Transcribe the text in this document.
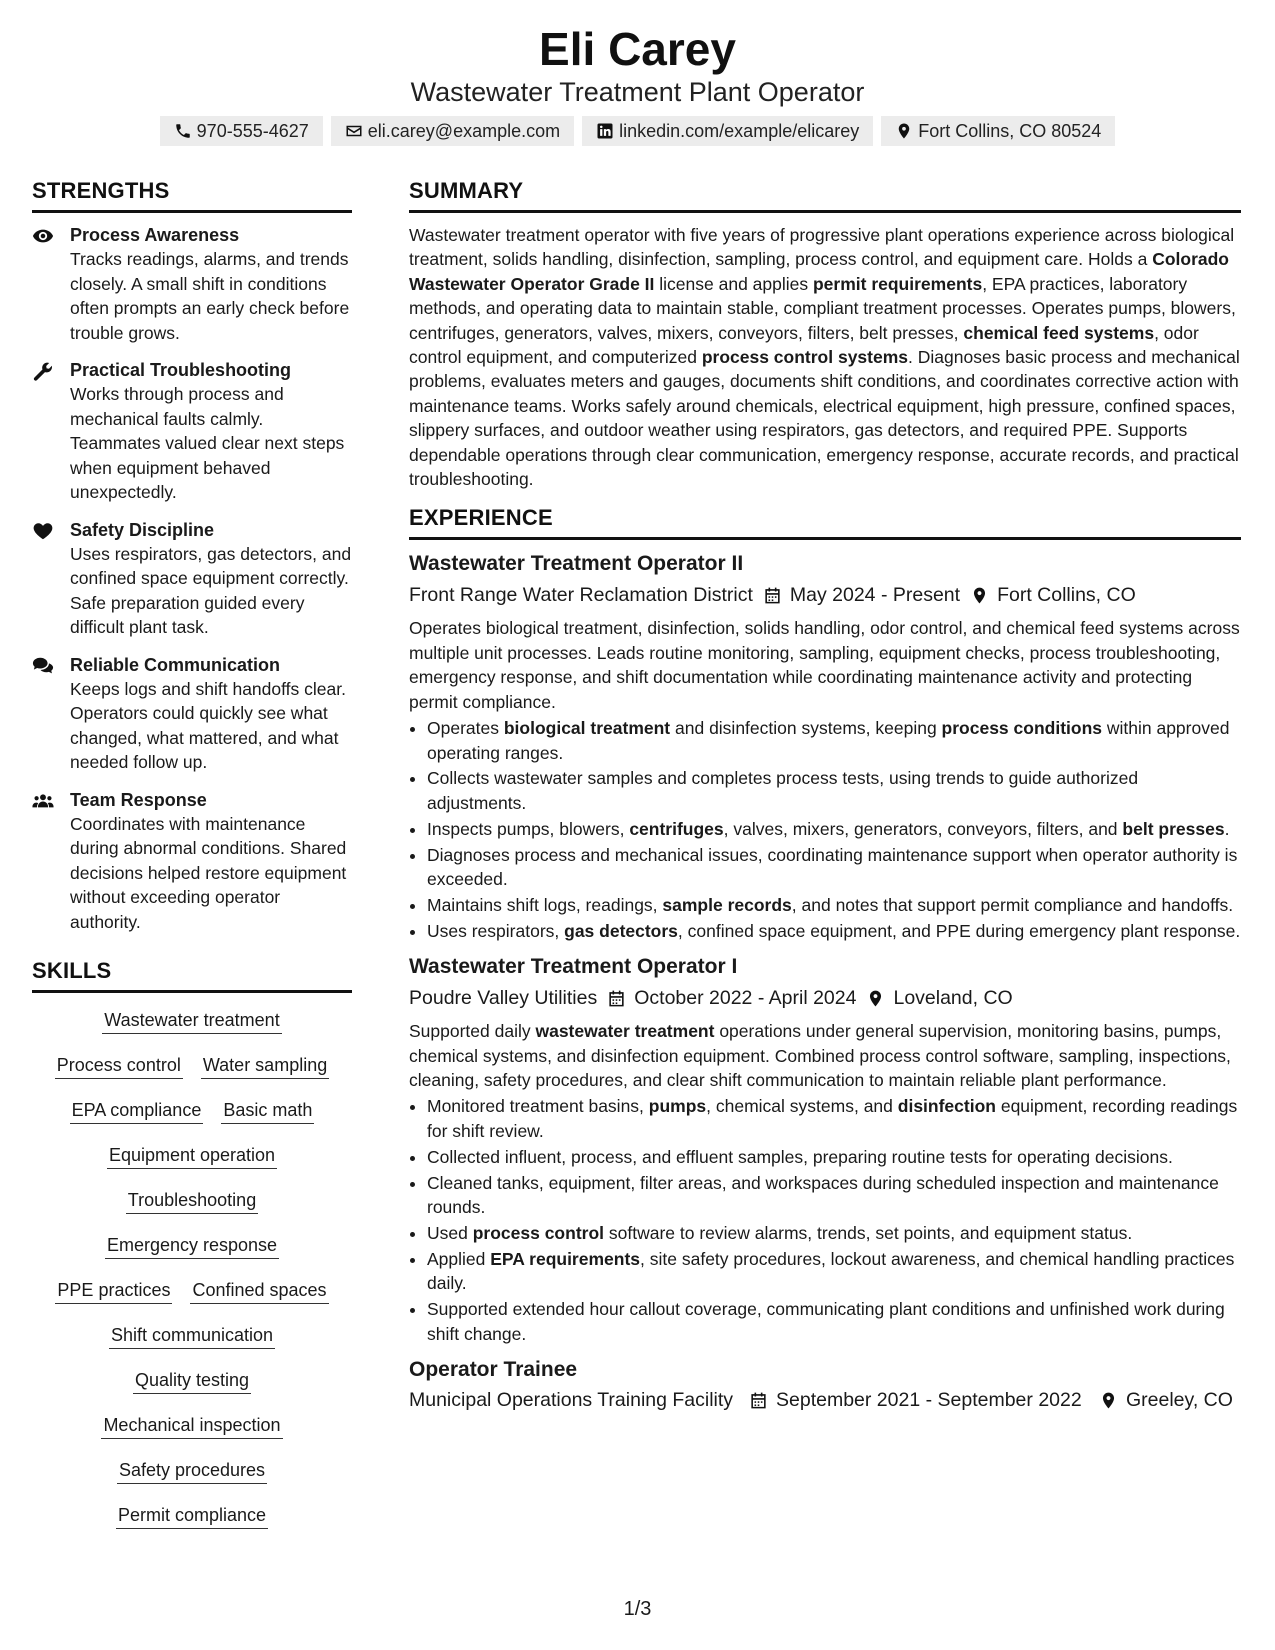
Eli Carey

Wastewater Treatment Plant Operator

970-555-4627	eli.carey@example.com	linkedin.com/example/elicarey	Fort Collins, CO 80524
STRENGTHS

Process Awareness

Tracks readings, alarms, and trends closely. A small shift in conditions often prompts an early check before trouble grows.

Practical Troubleshooting

Works through process and mechanical faults calmly. Teammates valued clear next steps when equipment behaved unexpectedly.

Safety Discipline

Uses respirators, gas detectors, and confined space equipment correctly. Safe preparation guided every difficult plant task.

Reliable Communication

Keeps logs and shift handoffs clear. Operators could quickly see what changed, what mattered, and what needed follow up.

Team Response

Coordinates with maintenance during abnormal conditions. Shared decisions helped restore equipment without exceeding operator authority.

SKILLS
Wastewater treatment
Process control Water sampling
EPA compliance Basic math
Equipment operation
Troubleshooting
Emergency response
PPE practices Confined spaces
Shift communication
Quality testing
Mechanical inspection
Safety procedures
Permit compliance
SUMMARY

Wastewater treatment operator with five years of progressive plant operations experience across biological treatment, solids handling, disinfection, sampling, process control, and equipment care. Holds a Colorado Wastewater Operator Grade II license and applies permit requirements, EPA practices, laboratory methods, and operating data to maintain stable, compliant treatment processes. Operates pumps, blowers, centrifuges, generators, valves, mixers, conveyors, filters, belt presses, chemical feed systems, odor control equipment, and computerized process control systems. Diagnoses basic process and mechanical problems, evaluates meters and gauges, documents shift conditions, and coordinates corrective action with maintenance teams. Works safely around chemicals, electrical equipment, high pressure, confined spaces, slippery surfaces, and outdoor weather using respirators, gas detectors, and required PPE. Supports dependable operations through clear communication, emergency response, accurate records, and practical troubleshooting.

EXPERIENCE
Wastewater Treatment Operator II
Front Range Water Reclamation District May 2024 - Present Fort Collins, CO

Operates biological treatment, disinfection, solids handling, odor control, and chemical feed systems across multiple unit processes. Leads routine monitoring, sampling, equipment checks, process troubleshooting, emergency response, and shift documentation while coordinating maintenance activity and protecting permit compliance.

• Operates biological treatment and disinfection systems, keeping process conditions within approved operating ranges.
• Collects wastewater samples and completes process tests, using trends to guide authorized adjustments.
• Inspects pumps, blowers, centrifuges, valves, mixers, generators, conveyors, filters, and belt presses.
• Diagnoses process and mechanical issues, coordinating maintenance support when operator authority is exceeded.
• Maintains shift logs, readings, sample records, and notes that support permit compliance and handoffs.
• Uses respirators, gas detectors, confined space equipment, and PPE during emergency plant response.
Wastewater Treatment Operator I
Poudre Valley Utilities October 2022 - April 2024 Loveland, CO

Supported daily wastewater treatment operations under general supervision, monitoring basins, pumps, chemical systems, and disinfection equipment. Combined process control software, sampling, inspections, cleaning, safety procedures, and clear shift communication to maintain reliable plant performance.

• Monitored treatment basins, pumps, chemical systems, and disinfection equipment, recording readings for shift review.
• Collected influent, process, and effluent samples, preparing routine tests for operating decisions.
• Cleaned tanks, equipment, filter areas, and workspaces during scheduled inspection and maintenance rounds.
• Used process control software to review alarms, trends, set points, and equipment status.
• Applied EPA requirements, site safety procedures, lockout awareness, and chemical handling practices daily.
• Supported extended hour callout coverage, communicating plant conditions and unfinished work during shift change.
Operator Trainee
Municipal Operations Training Facility	September 2021 - September 2022 Greeley, CO
1/3
